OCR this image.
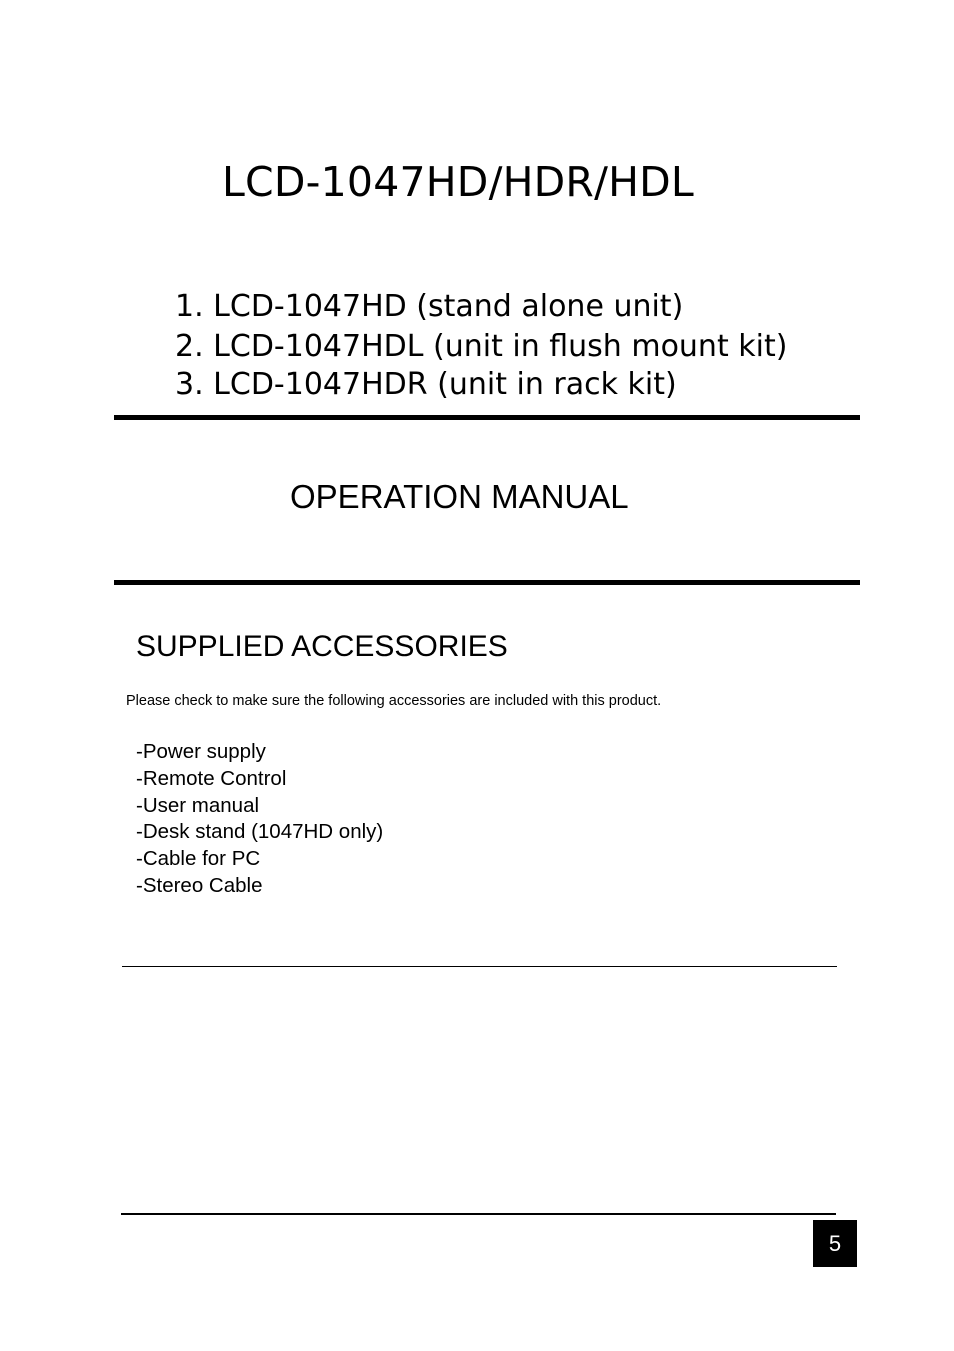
LCD-1047HD/HDR/HDL
1. LCD-1047HD (stand alone unit)
2. LCD-1047HDL (unit in flush mount kit)
3. LCD-1047HDR (unit in rack kit)
OPERATION MANUAL
SUPPLIED ACCESSORIES
Please check to make sure the following accessories are included with this product.
-Power supply
-Remote Control
-User manual
-Desk stand (1047HD only)
-Cable for PC
-Stereo Cable
5
